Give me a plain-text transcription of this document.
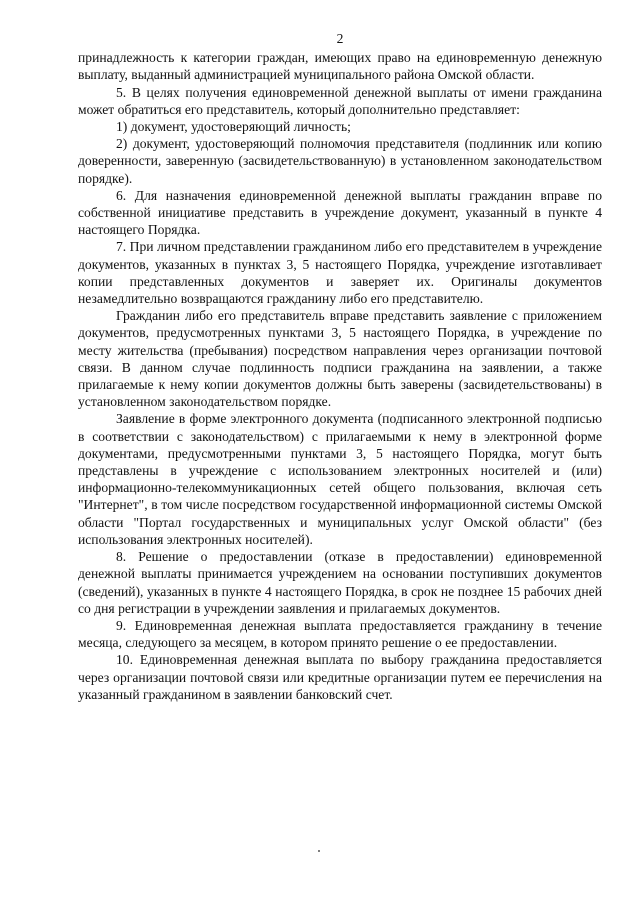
2

принадлежность к категории граждан, имеющих право на единовременную денежную выплату, выданный администрацией муниципального района Омской области.

5. В целях получения единовременной денежной выплаты от имени гражданина может обратиться его представитель, который дополнительно представляет:

1) документ, удостоверяющий личность;

2) документ, удостоверяющий полномочия представителя (подлинник или копию доверенности, заверенную (засвидетельствованную) в установленном законодательством порядке).

6. Для назначения единовременной денежной выплаты гражданин вправе по собственной инициативе представить в учреждение документ, указанный в пункте 4 настоящего Порядка.

7. При личном представлении гражданином либо его представителем в учреждение документов, указанных в пунктах 3, 5 настоящего Порядка, учреждение изготавливает копии представленных документов и заверяет их. Оригиналы документов незамедлительно возвращаются гражданину либо его представителю.

Гражданин либо его представитель вправе представить заявление с приложением документов, предусмотренных пунктами 3, 5 настоящего Порядка, в учреждение по месту жительства (пребывания) посредством направления через организации почтовой связи. В данном случае подлинность подписи гражданина на заявлении, а также прилагаемые к нему копии документов должны быть заверены (засвидетельствованы) в установленном законодательством порядке.

Заявление в форме электронного документа (подписанного электронной подписью в соответствии с законодательством) с прилагаемыми к нему в электронной форме документами, предусмотренными пунктами 3, 5 настоящего Порядка, могут быть представлены в учреждение с использованием электронных носителей и (или) информационно-телекоммуникационных сетей общего пользования, включая сеть "Интернет", в том числе посредством государственной информационной системы Омской области "Портал государственных и муниципальных услуг Омской области" (без использования электронных носителей).

8. Решение о предоставлении (отказе в предоставлении) единовременной денежной выплаты принимается учреждением на основании поступивших документов (сведений), указанных в пункте 4 настоящего Порядка, в срок не позднее 15 рабочих дней со дня регистрации в учреждении заявления и прилагаемых документов.

9. Единовременная денежная выплата предоставляется гражданину в течение месяца, следующего за месяцем, в котором принято решение о ее предоставлении.

10. Единовременная денежная выплата по выбору гражданина предоставляется через организации почтовой связи или кредитные организации путем ее перечисления на указанный гражданином в заявлении банковский счет.
